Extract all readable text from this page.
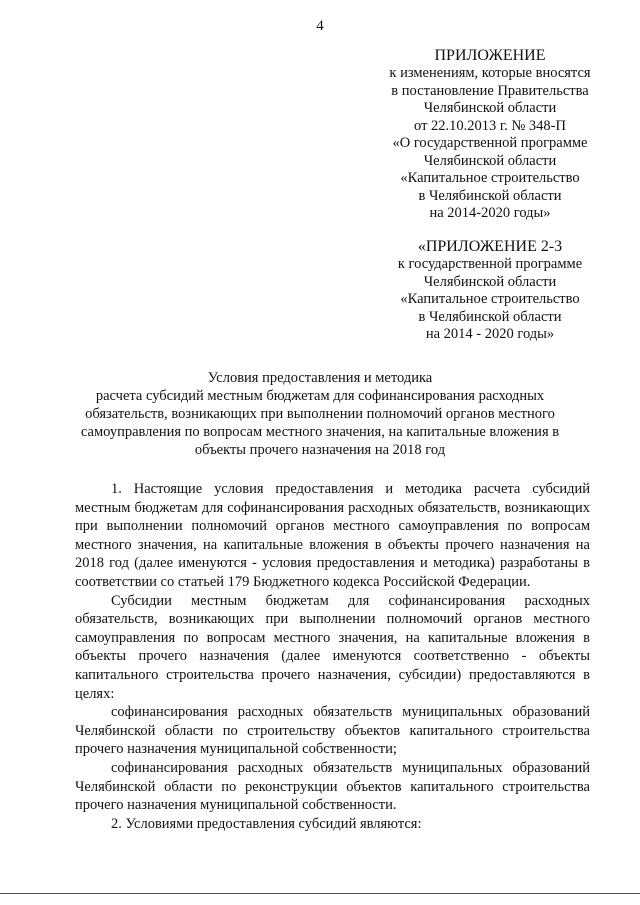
4
ПРИЛОЖЕНИЕ
к изменениям, которые вносятся
в постановление Правительства
Челябинской области
от 22.10.2013 г. № 348-П
«О государственной программе
Челябинской области
«Капитальное строительство
в Челябинской области
на 2014-2020 годы»
«ПРИЛОЖЕНИЕ 2-3
к государственной программе
Челябинской области
«Капитальное строительство
в Челябинской области
на 2014 - 2020 годы»
Условия предоставления и методика
расчета субсидий местным бюджетам для софинансирования расходных
обязательств, возникающих при выполнении полномочий органов местного
самоуправления по вопросам местного значения, на капитальные вложения в
объекты прочего назначения на 2018 год

1. Настоящие условия предоставления и методика расчета субсидий местным бюджетам для софинансирования расходных обязательств, возникающих при выполнении полномочий органов местного самоуправления по вопросам местного значения, на капитальные вложения в объекты прочего назначения на 2018 год (далее именуются - условия предоставления и методика) разработаны в соответствии со статьей 179 Бюджетного кодекса Российской Федерации.

Субсидии местным бюджетам для софинансирования расходных обязательств, возникающих при выполнении полномочий органов местного самоуправления по вопросам местного значения, на капитальные вложения в объекты прочего назначения (далее именуются соответственно - объекты капитального строительства прочего назначения, субсидии) предоставляются в целях:

софинансирования расходных обязательств муниципальных образований Челябинской области по строительству объектов капитального строительства прочего назначения муниципальной собственности;

софинансирования расходных обязательств муниципальных образований Челябинской области по реконструкции объектов капитального строительства прочего назначения муниципальной собственности.

2. Условиями предоставления субсидий являются:
